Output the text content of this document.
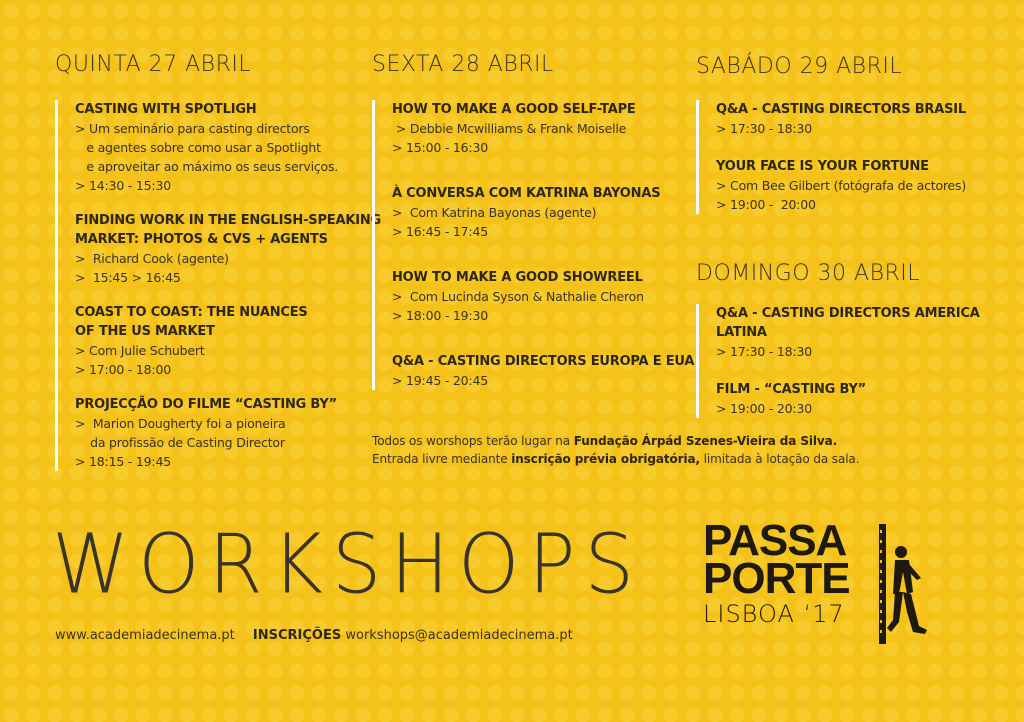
QUINTA 27 ABRIL	SEXTA 28 ABRIL	SABÁDO 29 ABRIL
DOMINGO 30 ABRIL
CASTING WITH SPOTLIGH
> Um seminário para casting directors
e agentes sobre como usar a Spotlight
e aproveitar ao máximo os seus serviços.
> 14:30 - 15:30
FINDING WORK IN THE ENGLISH-SPEAKING
MARKET: PHOTOS & CVS + AGENTS
>  Richard Cook (agente)
>  15:45 > 16:45
COAST TO COAST: THE NUANCES
OF THE US MARKET
> Com Julie Schubert
> 17:00 - 18:00
PROJECÇÃO DO FILME “CASTING BY”
>  Marion Dougherty foi a pioneira
da profissão de Casting Director
> 18:15 - 19:45
HOW TO MAKE A GOOD SELF-TAPE
> Debbie Mcwilliams & Frank Moiselle
> 15:00 - 16:30
À CONVERSA COM KATRINA BAYONAS
>  Com Katrina Bayonas (agente)
> 16:45 - 17:45
HOW TO MAKE A GOOD SHOWREEL
>  Com Lucinda Syson & Nathalie Cheron
> 18:00 - 19:30
Q&A - CASTING DIRECTORS EUROPA E EUA
> 19:45 - 20:45
Q&A - CASTING DIRECTORS BRASIL
> 17:30 - 18:30
YOUR FACE IS YOUR FORTUNE
> Com Bee Gilbert (fotógrafa de actores)
> 19:00 -  20:00
Q&A - CASTING DIRECTORS AMERICA LATINA
> 17:30 - 18:30
FILM - “CASTING BY”
> 19:00 - 20:30
Todos os worshops terão lugar na Fundação Árpád Szenes-Vieira da Silva.
Entrada livre mediante inscrição prévia obrigatória, limitada à lotação da sala.
WORKSHOPS
www.academiadecinema.pt INSCRIÇÕES workshops@academiadecinema.pt
PASSA
PORTE
LISBOA ‘17
